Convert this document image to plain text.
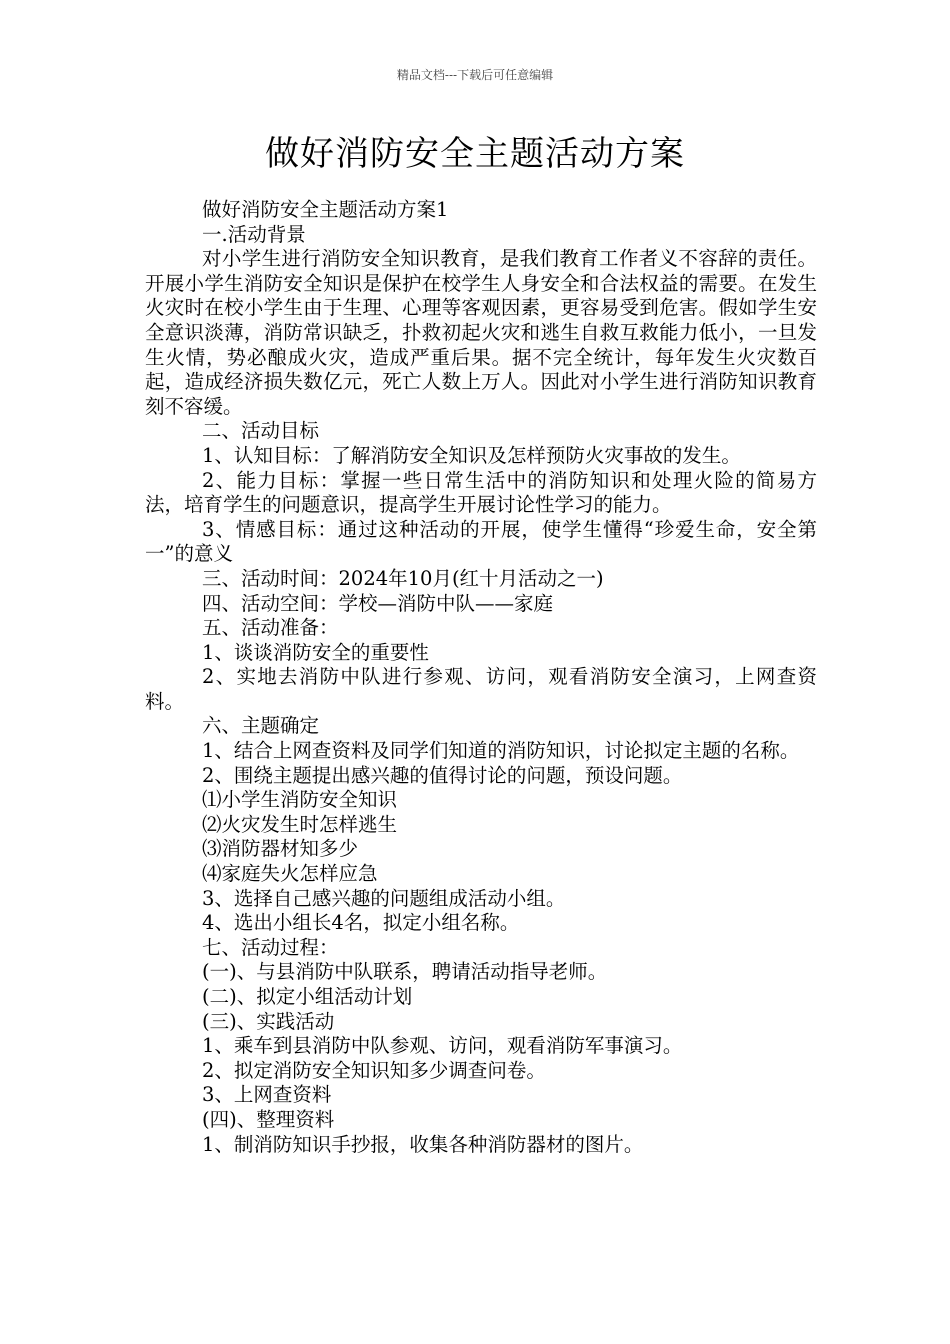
精品文档---下载后可任意编辑
做好消防安全主题活动方案

做好消防安全主题活动方案1

一.活动背景

对小学生进行消防安全知识教育，是我们教育工作者义不容辞的责任。开展小学生消防安全知识是保护在校学生人身安全和合法权益的需要。在发生火灾时在校小学生由于生理、心理等客观因素，更容易受到危害。假如学生安全意识淡薄，消防常识缺乏，扑救初起火灾和逃生自救互救能力低小，一旦发生火情，势必酿成火灾，造成严重后果。据不完全统计，每年发生火灾数百起，造成经济损失数亿元，死亡人数上万人。因此对小学生进行消防知识教育刻不容缓。

二、活动目标

1、认知目标：了解消防安全知识及怎样预防火灾事故的发生。

2、能力目标：掌握一些日常生活中的消防知识和处理火险的简易方法，培育学生的问题意识，提高学生开展讨论性学习的能力。

3、情感目标：通过这种活动的开展，使学生懂得“珍爱生命，安全第一”的意义

三、活动时间：2024年10月(红十月活动之一)

四、活动空间：学校—消防中队——家庭

五、活动准备：

1、谈谈消防安全的重要性

2、实地去消防中队进行参观、访问，观看消防安全演习，上网查资料。

六、主题确定

1、结合上网查资料及同学们知道的消防知识，讨论拟定主题的名称。

2、围绕主题提出感兴趣的值得讨论的问题，预设问题。

⑴小学生消防安全知识

⑵火灾发生时怎样逃生

⑶消防器材知多少

⑷家庭失火怎样应急

3、选择自己感兴趣的问题组成活动小组。

4、选出小组长4名，拟定小组名称。

七、活动过程：

(一)、与县消防中队联系，聘请活动指导老师。

(二)、拟定小组活动计划

(三)、实践活动

1、乘车到县消防中队参观、访问，观看消防军事演习。

2、拟定消防安全知识知多少调查问卷。

3、上网查资料

(四)、整理资料

1、制消防知识手抄报，收集各种消防器材的图片。
